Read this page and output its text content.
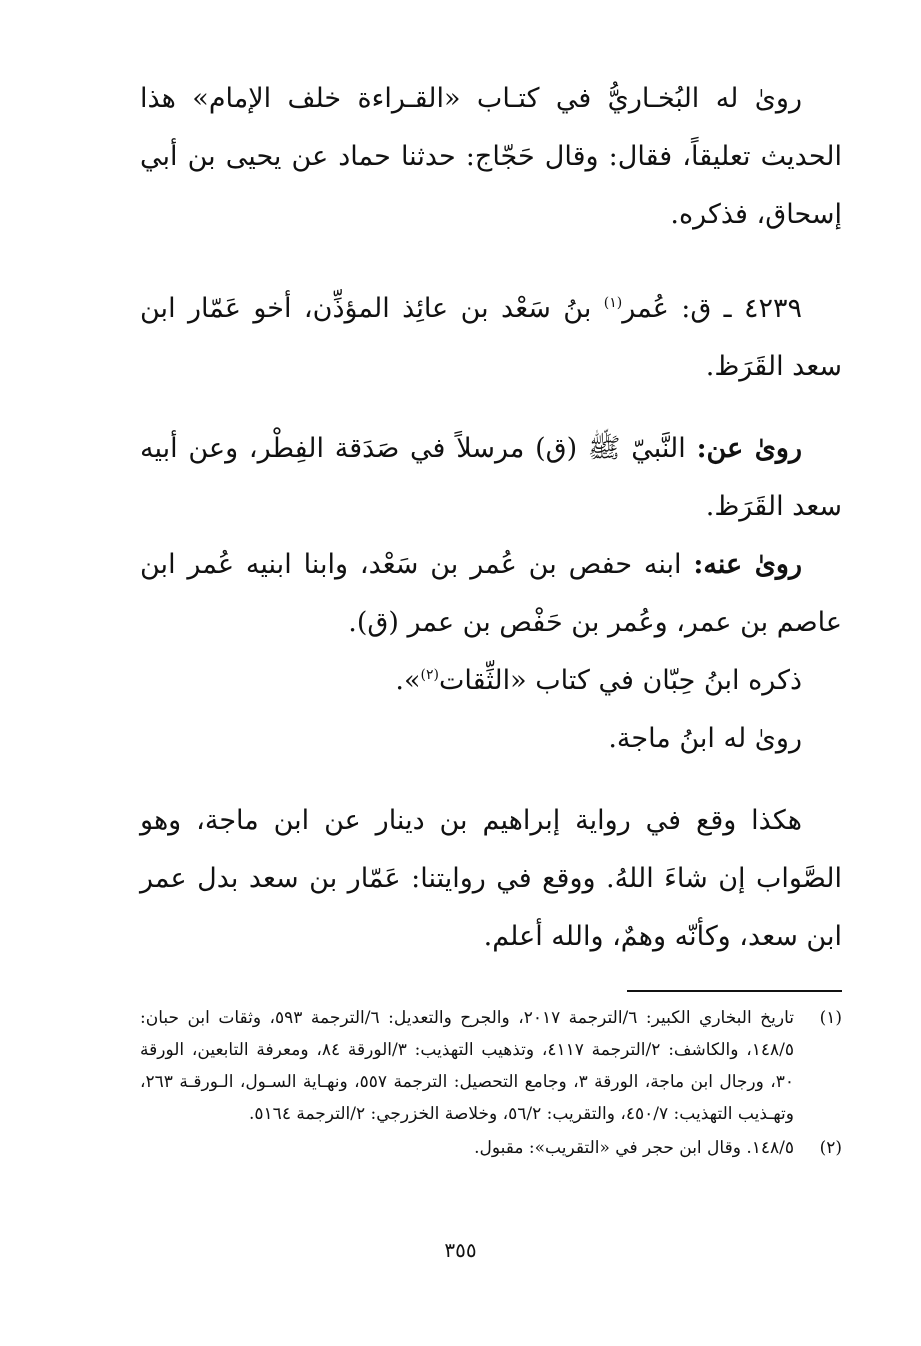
روىٰ له البُخـاريُّ في كتـاب «القـراءة خلف الإمام» هذا الحديث تعليقاً، فقال: وقال حَجّاج: حدثنا حماد عن يحيى بن أبي إسحاق، فذكره.

٤٢٣٩ ـ ق: عُمر$^{(١)}$ بنُ سَعْد بن عائِذ المؤذِّن، أخو عَمّار ابن سعد القَرَظ.

روىٰ عن: النَّبيّ ﷺ (ق) مرسلاً في صَدَقة الفِطْر، وعن أبيه سعد القَرَظ.

روىٰ عنه: ابنه حفص بن عُمر بن سَعْد، وابنا ابنيه عُمر ابن عاصم بن عمر، وعُمر بن حَفْص بن عمر (ق).

ذكره ابنُ حِبّان في كتاب «الثِّقات$^{(٢)}$».

روىٰ له ابنُ ماجة.

هكذا وقع في رواية إبراهيم بن دينار عن ابن ماجة، وهو الصَّواب إن شاءَ اللهُ. ووقع في روايتنا: عَمّار بن سعد بدل عمر ابن سعد، وكأنّه وهمٌ، والله أعلم.

(١)
تاريخ البخاري الكبير: ٦/الترجمة ٢٠١٧، والجرح والتعديل: ٦/الترجمة ٥٩٣، وثقات ابن حبان: ١٤٨/٥، والكاشف: ٢/الترجمة ٤١١٧، وتذهيب التهذيب: ٣/الورقة ٨٤، ومعرفة التابعين، الورقة ٣٠، ورجال ابن ماجة، الورقة ٣، وجامع التحصيل: الترجمة ٥٥٧، ونهـاية السـول، الـورقـة ٢٦٣، وتهـذيب التهذيب: ٤٥٠/٧، والتقريب: ٥٦/٢، وخلاصة الخزرجي: ٢/الترجمة ٥١٦٤.
(٢)
١٤٨/٥. وقال ابن حجر في «التقريب»: مقبول.
٣٥٥
